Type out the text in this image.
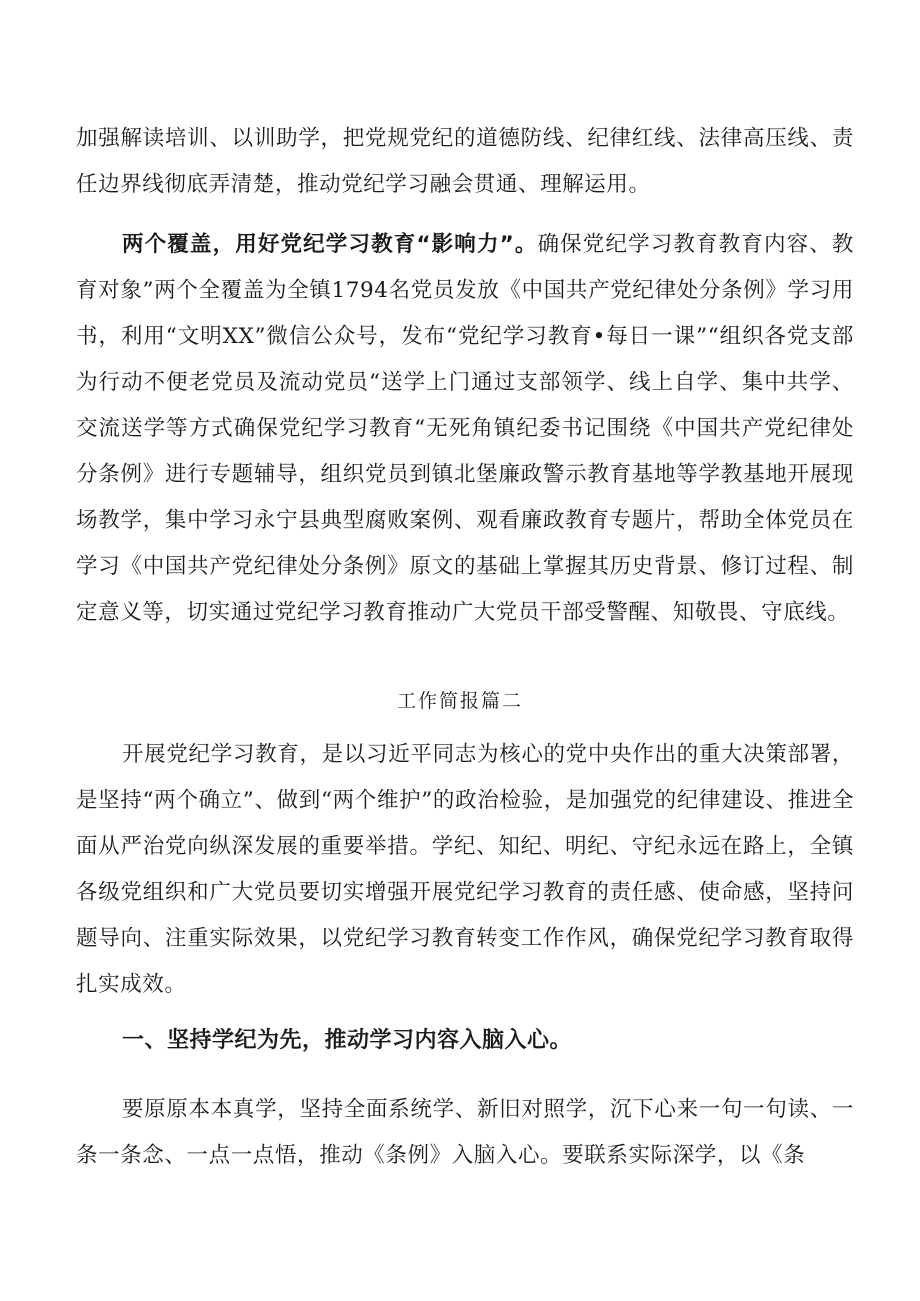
加强解读培训、以训助学，把党规党纪的道德防线、纪律红线、法律高压线、责任边界线彻底弄清楚，推动党纪学习融会贯通、理解运用。

两个覆盖，用好党纪学习教育“影响力”。确保党纪学习教育教育内容、教育对象”两个全覆盖为全镇1794名党员发放《中国共产党纪律处分条例》学习用书，利用“文明XX”微信公众号，发布“党纪学习教育•每日一课”“组织各党支部为行动不便老党员及流动党员“送学上门通过支部领学、线上自学、集中共学、交流送学等方式确保党纪学习教育“无死角镇纪委书记围绕《中国共产党纪律处分条例》进行专题辅导，组织党员到镇北堡廉政警示教育基地等学教基地开展现场教学，集中学习永宁县典型腐败案例、观看廉政教育专题片，帮助全体党员在学习《中国共产党纪律处分条例》原文的基础上掌握其历史背景、修订过程、制定意义等，切实通过党纪学习教育推动广大党员干部受警醒、知敬畏、守底线。

工作简报篇二

开展党纪学习教育，是以习近平同志为核心的党中央作出的重大决策部署，是坚持“两个确立”、做到“两个维护”的政治检验，是加强党的纪律建设、推进全面从严治党向纵深发展的重要举措。学纪、知纪、明纪、守纪永远在路上，全镇各级党组织和广大党员要切实增强开展党纪学习教育的责任感、使命感，坚持问题导向、注重实际效果，以党纪学习教育转变工作作风，确保党纪学习教育取得扎实成效。

一、坚持学纪为先，推动学习内容入脑入心。

要原原本本真学，坚持全面系统学、新旧对照学，沉下心来一句一句读、一条一条念、一点一点悟，推动《条例》入脑入心。要联系实际深学，以《条
